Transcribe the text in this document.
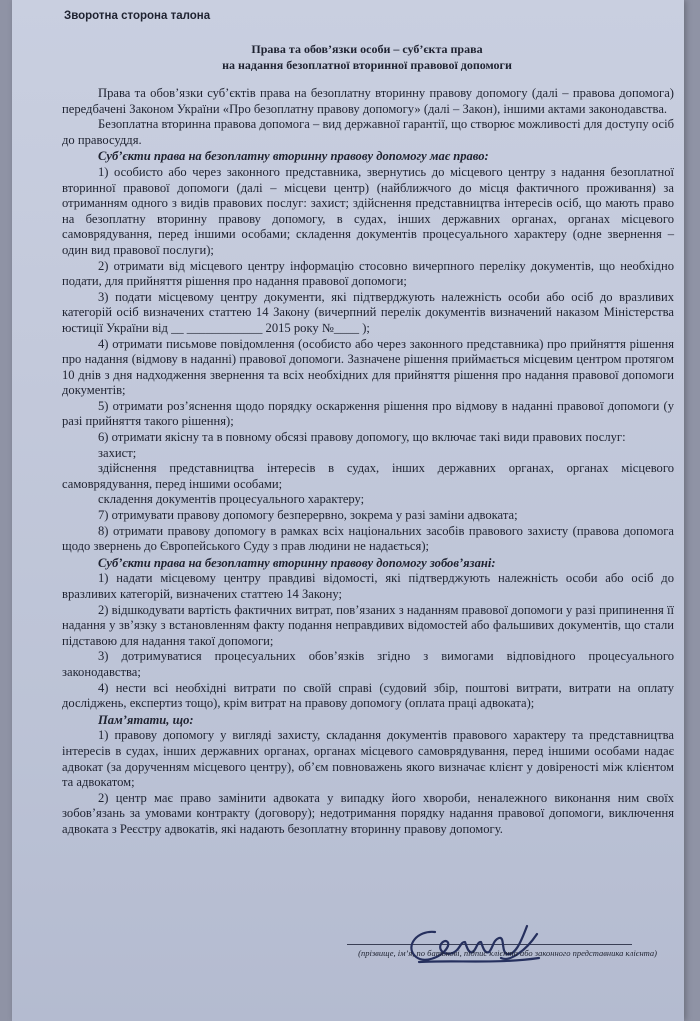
Зворотна сторона талона
Права та обов’язки особи – суб’єкта права
на надання безоплатної вторинної правової допомоги

Права та обов’язки суб’єктів права на безоплатну вторинну правову допомогу (далі – правова допомога) передбачені Законом України «Про безоплатну правову допомогу» (далі – Закон), іншими актами законодавства.

Безоплатна вторинна правова допомога – вид державної гарантії, що створює можливості для доступу осіб до правосуддя.

Суб’єкти права на безоплатну вторинну правову допомогу має право:

1) особисто або через законного представника, звернутись до місцевого центру з надання безоплатної вторинної правової допомоги (далі – місцеви центр) (найближчого до місця фактичного проживання) за отриманням одного з видів правових послуг: захист; здійснення представництва інтересів осіб, що мають право на безоплатну вторинну правову допомогу, в судах, інших державних органах, органах місцевого самоврядування, перед іншими особами; складення документів процесуального характеру (одне звернення – один вид правової послуги);

2) отримати від місцевого центру інформацію стосовно вичерпного переліку документів, що необхідно подати, для прийняття рішення про надання правової допомоги;

3) подати місцевому центру документи, які підтверджують належність особи або осіб до вразливих категорій осіб визначених статтею 14 Закону (вичерпний перелік документів визначений наказом Міністерства юстиції України від __ ____________ 2015 року №____ );

4) отримати письмове повідомлення (особисто або через законного представника) про прийняття рішення про надання (відмову в наданні) правової допомоги. Зазначене рішення приймається місцевим центром протягом 10 днів з дня надходження звернення та всіх необхідних для прийняття рішення про надання правової допомоги документів;

5) отримати роз’яснення щодо порядку оскарження рішення про відмову в наданні правової допомоги (у разі прийняття такого рішення);

6) отримати якісну та в повному обсязі правову допомогу, що включає такі види правових послуг:

захист;

здійснення представництва інтересів в судах, інших державних органах, органах місцевого самоврядування, перед іншими особами;

складення документів процесуального характеру;

7) отримувати правову допомогу безперервно, зокрема у разі заміни адвоката;

8) отримати правову допомогу в рамках всіх національних засобів правового захисту (правова допомога щодо звернень до Європейського Суду з прав людини не надається);

Суб’єкти права на безоплатну вторинну правову допомогу зобов’язані:

1) надати місцевому центру правдиві відомості, які підтверджують належність особи або осіб до вразливих категорій, визначених статтею 14 Закону;

2) відшкодувати вартість фактичних витрат, пов’язаних з наданням правової допомоги у разі припинення її надання у зв’язку з встановленням факту подання неправдивих відомостей або фальшивих документів, що стали підставою для надання такої допомоги;

3) дотримуватися процесуальних обов’язків згідно з вимогами відповідного процесуального законодавства;

4) нести всі необхідні витрати по своїй справі (судовий збір, поштові витрати, витрати на оплату досліджень, експертиз тощо), крім витрат на правову допомогу (оплата праці адвоката);

Пам’ятати, що:

1) правову допомогу у вигляді захисту, складання документів правового характеру та представництва інтересів в судах, інших державних органах, органах місцевого самоврядування, перед іншими особами надає адвокат (за дорученням місцевого центру), об’єм повноважень якого визначає клієнт у довіреності між клієнтом та адвокатом;

2) центр має право замінити адвоката у випадку його хвороби, неналежного виконання ним своїх зобов’язань за умовами контракту (договору); недотримання порядку надання правової допомоги, виключення адвоката з Реєстру адвокатів, які надають безоплатну вторинну правову допомогу.

(прізвище, ім’я, по батькові, підпис клієнта або законного представника клієнта)
